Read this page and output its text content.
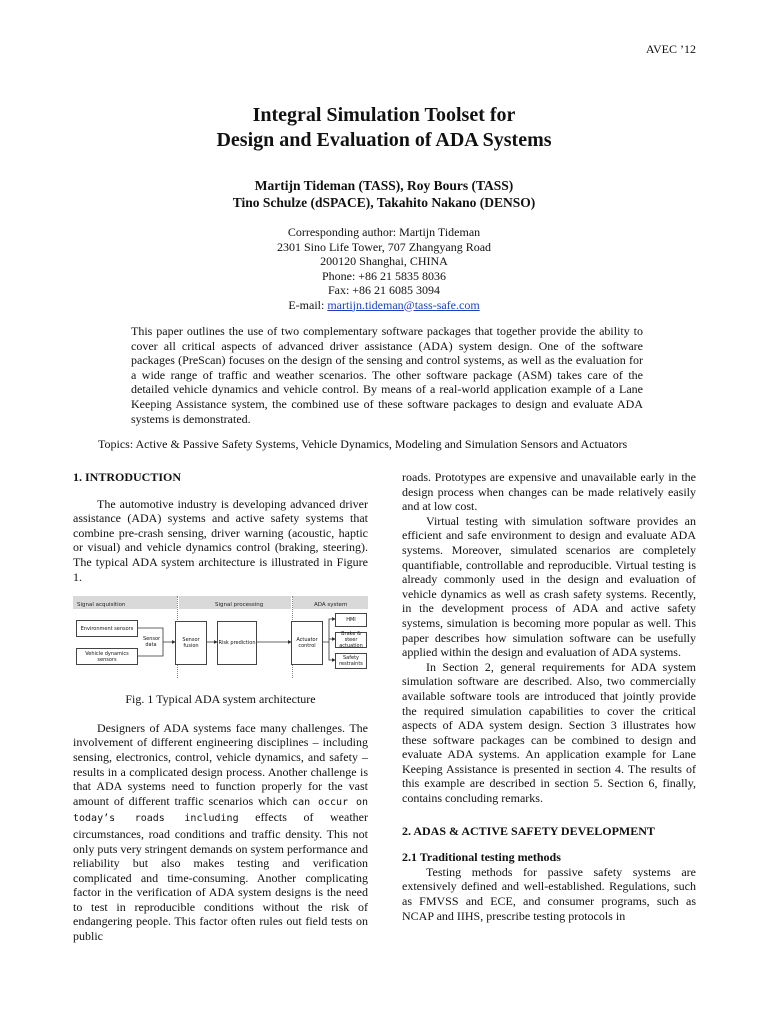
AVEC ’12
Integral Simulation Toolset for
Design and Evaluation of ADA Systems
Martijn Tideman (TASS), Roy Bours (TASS)
Tino Schulze (dSPACE), Takahito Nakano (DENSO)
Corresponding author: Martijn Tideman
2301 Sino Life Tower, 707 Zhangyang Road
200120 Shanghai, CHINA
Phone: +86 21 5835 8036
Fax: +86 21 6085 3094
E-mail: martijn.tideman@tass-safe.com
This paper outlines the use of two complementary software packages that together provide the ability to cover all critical aspects of advanced driver assistance (ADA) system design. One of the software packages (PreScan) focuses on the design of the sensing and control systems, as well as the evaluation for a wide range of traffic and weather scenarios. The other software package (ASM) takes care of the detailed vehicle dynamics and vehicle control. By means of a real-world application example of a Lane Keeping Assistance system, the combined use of these software packages to design and evaluate ADA systems is demonstrated.
Topics: Active & Passive Safety Systems, Vehicle Dynamics, Modeling and Simulation Sensors and Actuators
1. INTRODUCTION

The automotive industry is developing advanced driver assistance (ADA) systems and active safety systems that combine pre-crash sensing, driver warning (acoustic, haptic or visual) and vehicle dynamics control (braking, steering). The typical ADA system architecture is illustrated in Figure 1.

Signal acquisition	Signal processing	ADA system
Environment sensors
Vehicle dynamics sensors
Sensor data
Sensor fusion	Risk prediction	Actuator control
HMI
Brake & steer actuation
Safety restraints
Fig. 1 Typical ADA system architecture

Designers of ADA systems face many challenges. The involvement of different engineering disciplines – including sensing, electronics, control, vehicle dynamics, and safety – results in a complicated design process. Another challenge is that ADA systems need to function properly for the vast amount of different traffic scenarios which can occur on today’s roads including effects of weather circumstances, road conditions and traffic density. This not only puts very stringent demands on system performance and reliability but also makes testing and verification complicated and time-consuming. Another complicating factor in the verification of ADA system designs is the need to test in reproducible conditions without the risk of endangering people. This factor often rules out field tests on public

roads. Prototypes are expensive and unavailable early in the design process when changes can be made relatively easily and at low cost.

Virtual testing with simulation software provides an efficient and safe environment to design and evaluate ADA systems. Moreover, simulated scenarios are completely quantifiable, controllable and reproducible. Virtual testing is already commonly used in the design and evaluation of vehicle dynamics as well as crash safety systems. Recently, in the development process of ADA and active safety systems, simulation is becoming more popular as well. This paper describes how simulation software can be usefully applied within the design and evaluation of ADA systems.

In Section 2, general requirements for ADA system simulation software are described. Also, two commercially available software tools are introduced that jointly provide the required simulation capabilities to cover the critical aspects of ADA system design. Section 3 illustrates how these software packages can be combined to design and evaluate ADA systems. An application example for Lane Keeping Assistance is presented in section 4. The results of this example are described in section 5. Section 6, finally, contains concluding remarks.

2. ADAS & ACTIVE SAFETY DEVELOPMENT
2.1 Traditional testing methods

Testing methods for passive safety systems are extensively defined and well-established. Regulations, such as FMVSS and ECE, and consumer programs, such as NCAP and IIHS, prescribe testing protocols in
